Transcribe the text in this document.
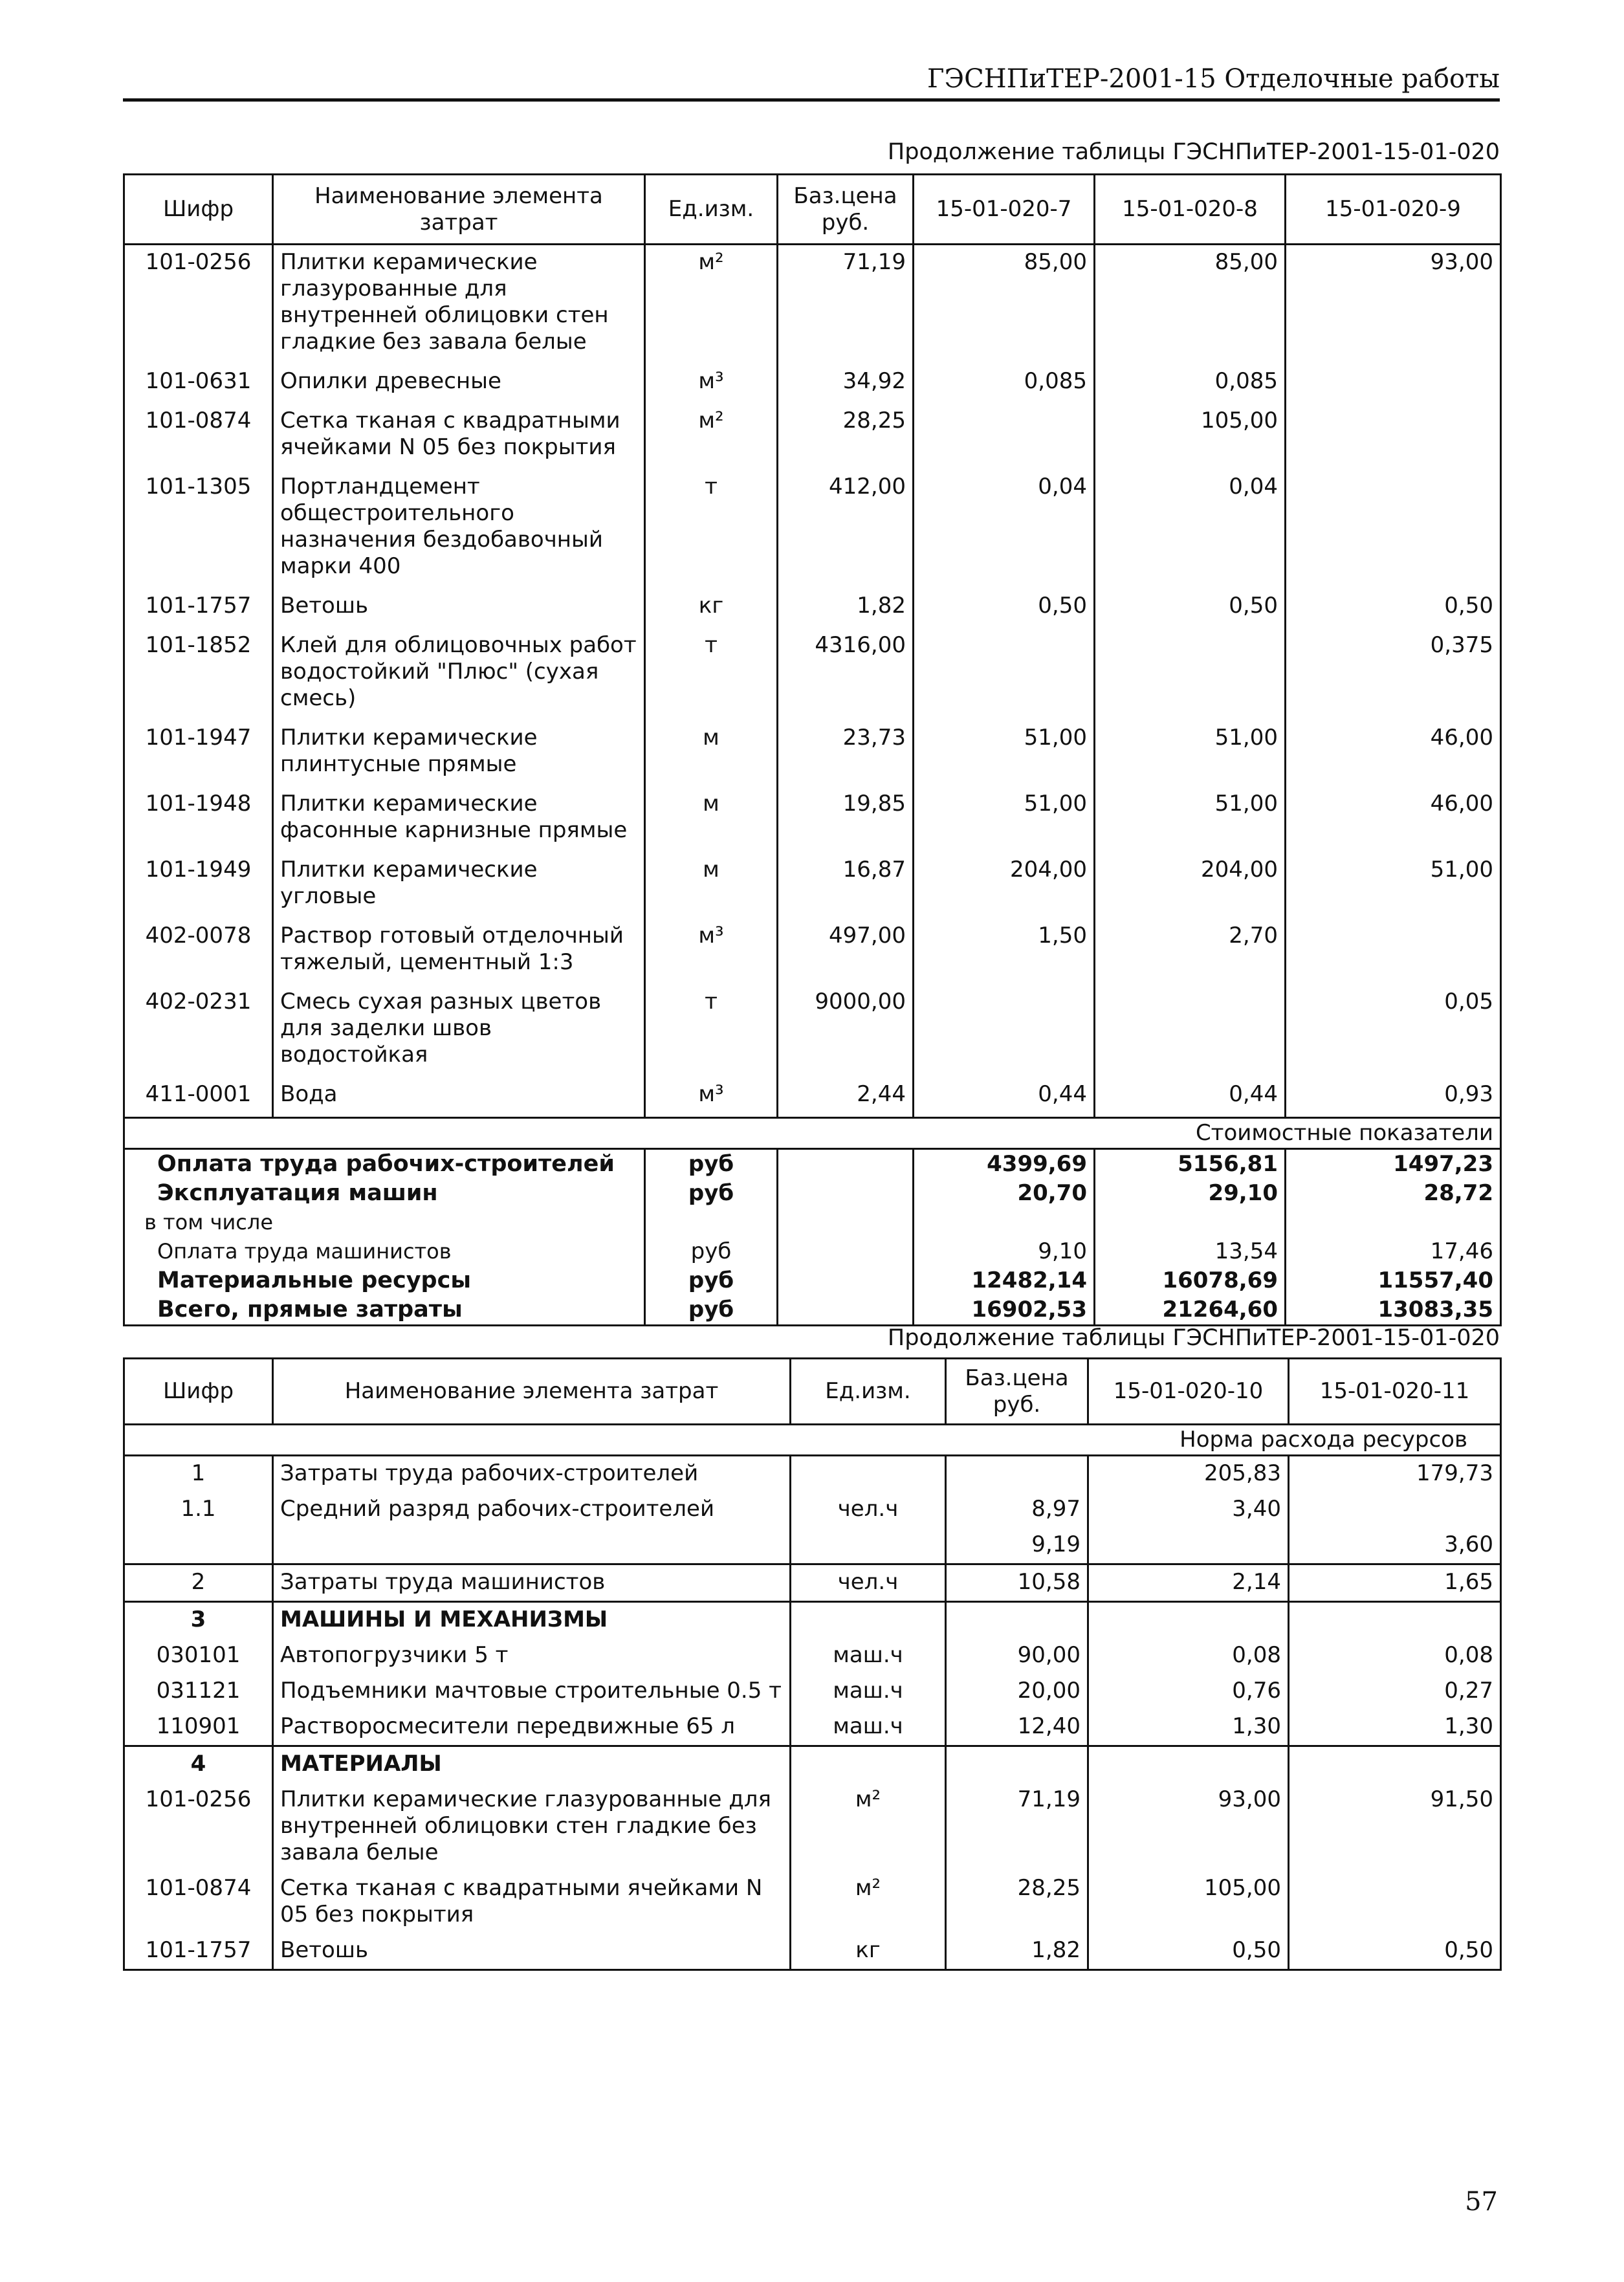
ГЭСНПиТЕР-2001-15 Отделочные работы
Продолжение таблицы ГЭСНПиТЕР-2001-15-01-020
Шифр	Наименование элемента затрат	Ед.изм.	Баз.цена руб.	15-01-020-7	15-01-020-8	15-01-020-9
101-0256	Плитки керамические глазурованные для внутренней облицовки стен гладкие без завала белые	м²	71,19	85,00	85,00	93,00
101-0631	Опилки древесные	м³	34,92	0,085	0,085	
101-0874	Сетка тканая с квадратными ячейками N 05 без покрытия	м²	28,25		105,00	
101-1305	Портландцемент общестроительного назначения бездобавочный марки 400	т	412,00	0,04	0,04	
101-1757	Ветошь	кг	1,82	0,50	0,50	0,50
101-1852	Клей для облицовочных работ водостойкий "Плюс" (сухая смесь)	т	4316,00			0,375
101-1947	Плитки керамические плинтусные прямые	м	23,73	51,00	51,00	46,00
101-1948	Плитки керамические фасонные карнизные прямые	м	19,85	51,00	51,00	46,00
101-1949	Плитки керамические угловые	м	16,87	204,00	204,00	51,00
402-0078	Раствор готовый отделочный тяжелый, цементный 1:3	м³	497,00	1,50	2,70	
402-0231	Смесь сухая разных цветов для заделки швов водостойкая	т	9000,00			0,05
411-0001	Вода	м³	2,44	0,44	0,44	0,93
Стоимостные показатели						
Оплата труда рабочих-строителей		руб		4399,69	5156,81	1497,23
Эксплуатация машин		руб		20,70	29,10	28,72
в том числе						
Оплата труда машинистов		руб		9,10	13,54	17,46
Материальные ресурсы		руб		12482,14	16078,69	11557,40
Всего, прямые затраты		руб		16902,53	21264,60	13083,35
Продолжение таблицы ГЭСНПиТЕР-2001-15-01-020
Шифр	Наименование элемента затрат	Ед.изм.	Баз.цена руб.	15-01-020-10	15-01-020-11
Норма расхода ресурсов					
1	Затраты труда рабочих-строителей			205,83	179,73
1.1	Средний разряд рабочих-строителей	чел.ч	8,97	3,40	
			9,19		3,60
2	Затраты труда машинистов	чел.ч	10,58	2,14	1,65
3	МАШИНЫ И МЕХАНИЗМЫ				
030101	Автопогрузчики 5 т	маш.ч	90,00	0,08	0,08
031121	Подъемники мачтовые строительные 0.5 т	маш.ч	20,00	0,76	0,27
110901	Растворосмесители передвижные 65 л	маш.ч	12,40	1,30	1,30
4	МАТЕРИАЛЫ				
101-0256	Плитки керамические глазурованные для внутренней облицовки стен гладкие без завала белые	м²	71,19	93,00	91,50
101-0874	Сетка тканая с квадратными ячейками N 05 без покрытия	м²	28,25	105,00	
101-1757	Ветошь	кг	1,82	0,50	0,50
57
